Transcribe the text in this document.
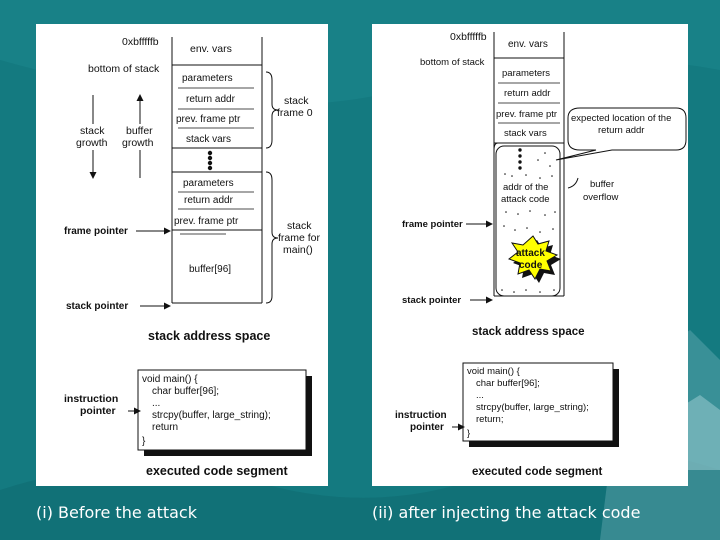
0xbfffffb
bottom of stack
env. vars
parameters
return addr
prev. frame ptr
stack vars
parameters
return addr
prev. frame ptr
buffer[96]
stack
frame 0
stack
frame for
main()
stack
growth
buffer
growth
frame pointer
stack pointer
stack address space
void main() {
char buffer[96];
...
strcpy(buffer, large_string);
return
}
instruction
pointer
executed code segment
0xbfffffb
bottom of stack
env. vars
parameters
return addr
prev. frame ptr
stack vars
addr of the
attack code
attack
code
expected location of the
return addr
buffer
overflow
frame pointer
stack pointer
stack address space
void main() {
char buffer[96];
...
strcpy(buffer, large_string);
return;
}
instruction
pointer
executed code segment
(i) Before the attack	(ii) after injecting the attack code
